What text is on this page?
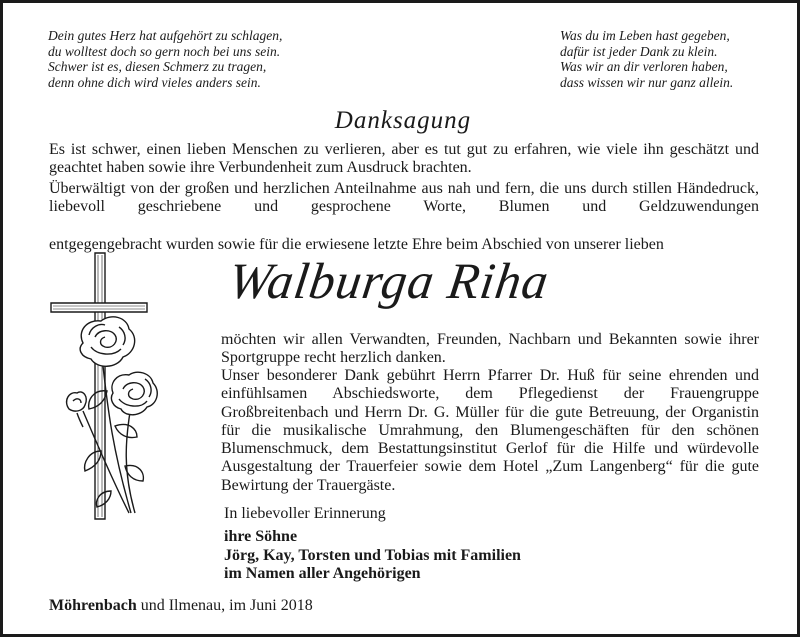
Dein gutes Herz hat aufgehört zu schlagen,
du wolltest doch so gern noch bei uns sein.
Schwer ist es, diesen Schmerz zu tragen,
denn ohne dich wird vieles anders sein.
Was du im Leben hast gegeben,
dafür ist jeder Dank zu klein.
Was wir an dir verloren haben,
dass wissen wir nur ganz allein.
Danksagung
Es ist schwer, einen lieben Menschen zu verlieren, aber es tut gut zu erfahren, wie viele ihn geschätzt und geachtet haben sowie ihre Verbundenheit zum Ausdruck brachten.
Überwältigt von der großen und herzlichen Anteilnahme aus nah und fern, die uns durch stillen Händedruck, liebevoll geschriebene und gesprochene Worte, Blumen und Geldzuwendungen
entgegengebracht wurden sowie für die erwiesene letzte Ehre beim Abschied von unserer lieben
Walburga Riha
möchten wir allen Verwandten, Freunden, Nachbarn und Bekannten sowie ihrer Sportgruppe recht herzlich danken.
Unser besonderer Dank gebührt Herrn Pfarrer Dr. Huß für seine ehrenden und einfühlsamen Abschiedsworte, dem Pflegedienst der Frauengruppe Großbreitenbach und Herrn Dr. G. Müller für die gute Betreuung, der Organistin für die musikalische Umrahmung, den Blumengeschäften für den schönen Blumenschmuck, dem Bestattungsinstitut Gerlof für die Hilfe und würdevolle Ausgestaltung der Trauerfeier sowie dem Hotel „Zum Langenberg“ für die gute Bewirtung der Trauergäste.
In liebevoller Erinnerung
ihre Söhne
Jörg, Kay, Torsten und Tobias mit Familien
im Namen aller Angehörigen
Möhrenbach und Ilmenau, im Juni 2018
